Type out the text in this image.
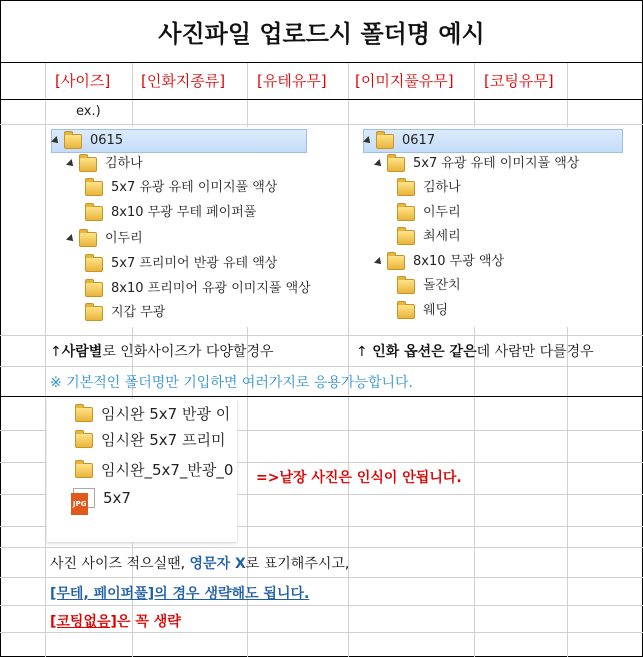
사진파일 업로드시 폴더명 예시
[사이즈] [인화지종류] [유테유무] [이미지풀유무] [코팅유무]
ex.)
0615
김하나
5x7 유광 유테 이미지풀 액상
8x10 무광 무테 페이퍼풀
이두리
5x7 프리미어 반광 유테 액상
8x10 프리미어 유광 이미지풀 액상
지갑 무광
0617
5x7 유광 유테 이미지풀 액상
김하나
이두리
최세리
8x10 무광 액상
돌잔치
웨딩
↑사람별로 인화사이즈가 다양할경우	↑ 인화 옵션은 같은데 사람만 다를경우
※ 기본적인 폴더명만 기입하면 여러가지로 응용가능합니다.
임시완 5x7 반광 이
임시완 5x7 프리미
임시완_5x7_반광_0
JPG 5x7
=>낱장 사진은 인식이 안됩니다.
사진 사이즈 적으실땐, 영문자 X로 표기해주시고,
[무테, 페이퍼풀]의 경우 생략해도 됩니다.
[코팅없음]은 꼭 생략
